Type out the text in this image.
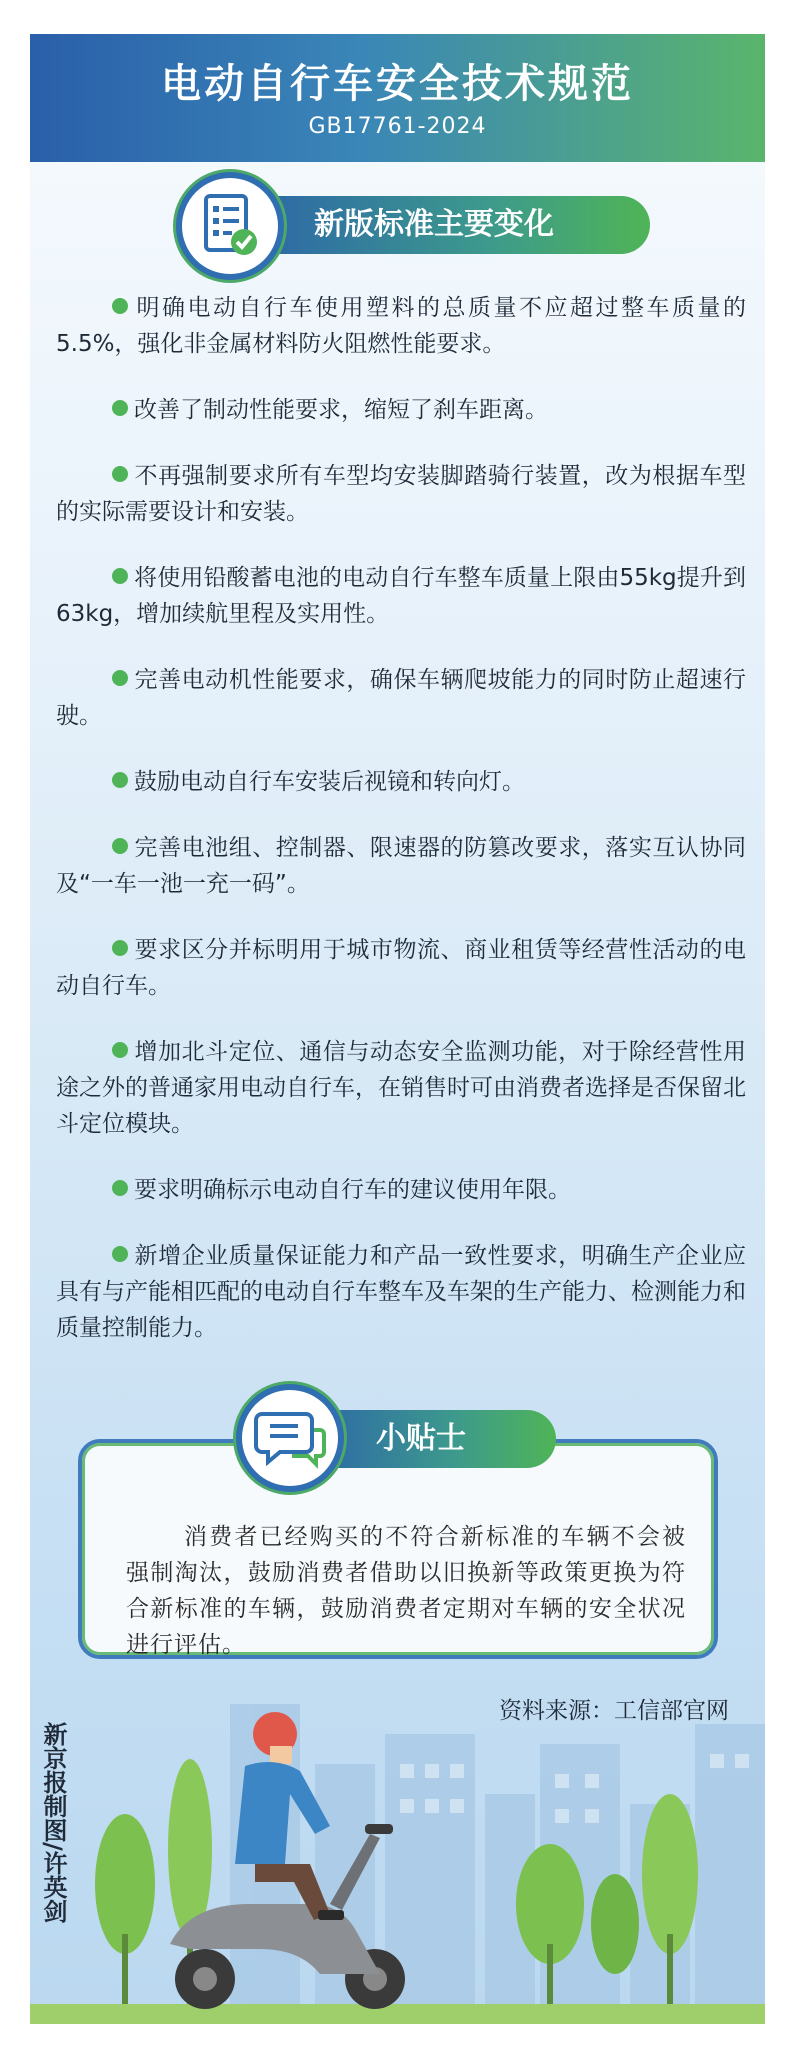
电动自行车安全技术规范
GB17761-2024
新版标准主要变化

明确电动自行车使用塑料的总质量不应超过整车质量的5.5%，强化非金属材料防火阻燃性能要求。

改善了制动性能要求，缩短了刹车距离。

不再强制要求所有车型均安装脚踏骑行装置，改为根据车型的实际需要设计和安装。

将使用铅酸蓄电池的电动自行车整车质量上限由55kg提升到63kg，增加续航里程及实用性。

完善电动机性能要求，确保车辆爬坡能力的同时防止超速行驶。

鼓励电动自行车安装后视镜和转向灯。

完善电池组、控制器、限速器的防篡改要求，落实互认协同及“一车一池一充一码”。

要求区分并标明用于城市物流、商业租赁等经营性活动的电动自行车。

增加北斗定位、通信与动态安全监测功能，对于除经营性用途之外的普通家用电动自行车，在销售时可由消费者选择是否保留北斗定位模块。

要求明确标示电动自行车的建议使用年限。

新增企业质量保证能力和产品一致性要求，明确生产企业应具有与产能相匹配的电动自行车整车及车架的生产能力、检测能力和质量控制能力。

消费者已经购买的不符合新标准的车辆不会被强制淘汰，鼓励消费者借助以旧换新等政策更换为符合新标准的车辆，鼓励消费者定期对车辆的安全状况进行评估。
小贴士
资料来源：工信部官网
新京报制图/许英剑
